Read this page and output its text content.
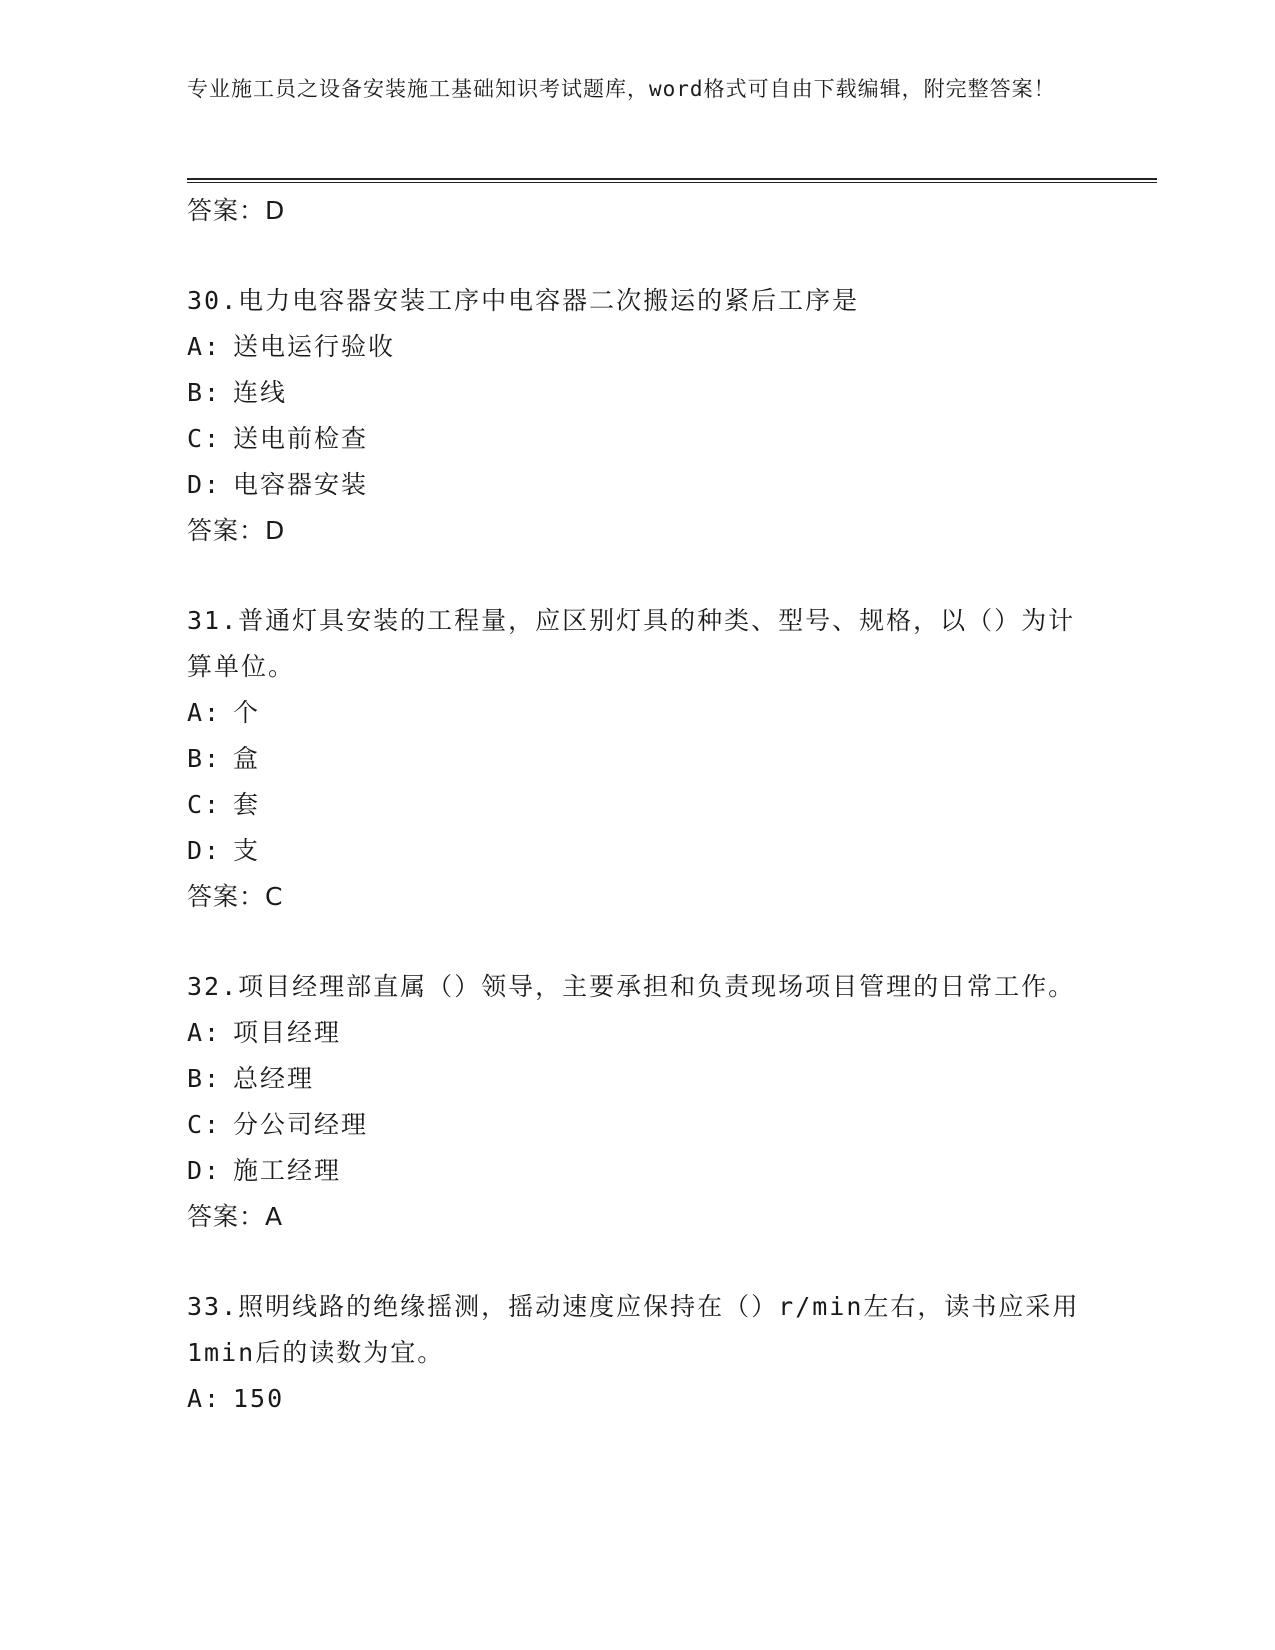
专业施工员之设备安装施工基础知识考试题库，word格式可自由下载编辑，附完整答案！
答案：D
30.电力电容器安装工序中电容器二次搬运的紧后工序是
A: 送电运行验收
B: 连线
C: 送电前检查
D: 电容器安装
答案：D
31.普通灯具安装的工程量，应区别灯具的种类、型号、规格，以（）为计算单位。
A: 个
B: 盒
C: 套
D: 支
答案：C
32.项目经理部直属（）领导，主要承担和负责现场项目管理的日常工作。
A: 项目经理
B: 总经理
C: 分公司经理
D: 施工经理
答案：A
33.照明线路的绝缘摇测，摇动速度应保持在（）r/min左右，读书应采用1min后的读数为宜。
A: 150
